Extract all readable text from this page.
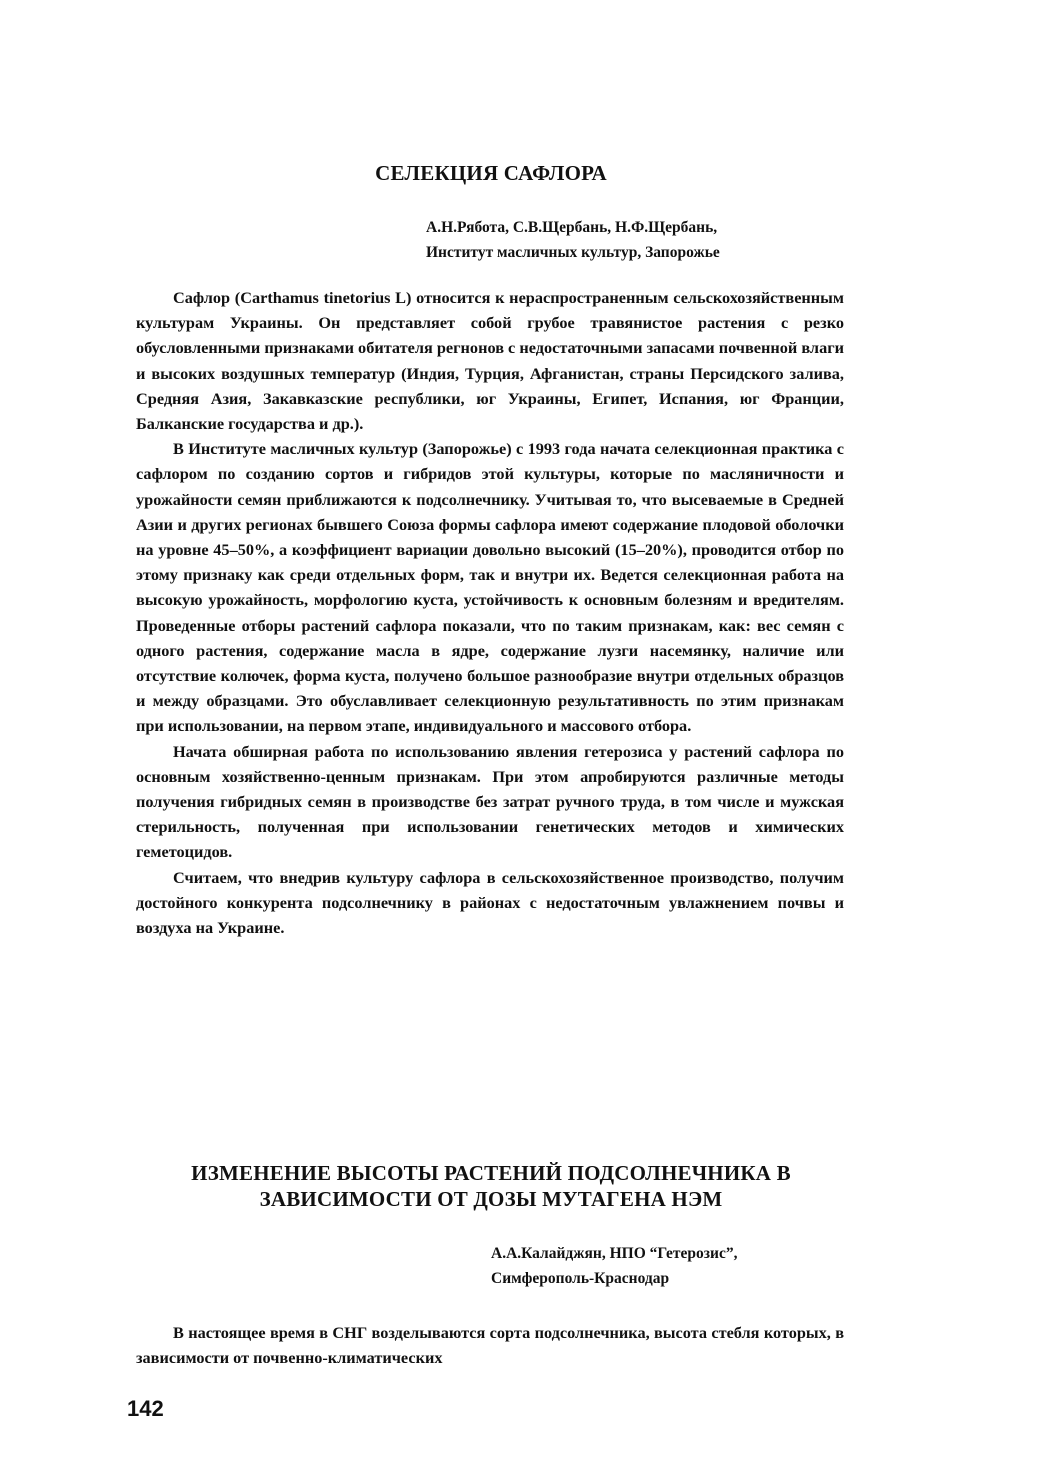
СЕЛЕКЦИЯ САФЛОРА
А.Н.Рябота, С.В.Щербань, Н.Ф.Щербань,
Институт масличных культур, Запорожье

Сафлор (Carthamus tinetorius L) относится к нераспространенным сельскохозяйственным культурам Украины. Он представляет собой грубое травянистое растения с резко обусловленными признаками обитателя регнонов с недостаточными запасами почвенной влаги и высоких воздушных температур (Индия, Турция, Афганистан, страны Персидского залива, Средняя Азия, Закавказские республики, юг Украины, Египет, Испания, юг Франции, Балканские государства и др.).

В Институте масличных культур (Запорожье) с 1993 года начата селекционная практика с сафлором по созданию сортов и гибридов этой культуры, которые по масляничности и урожайности семян приближаются к подсолнечнику. Учитывая то, что высеваемые в Средней Азии и других регионах бывшего Союза формы сафлора имеют содержание плодовой оболочки на уровне 45–50%, а коэффициент вариации довольно высокий (15–20%), проводится отбор по этому признаку как среди отдельных форм, так и внутри их. Ведется селекционная работа на высокую урожайность, морфологию куста, устойчивость к основным болезням и вредителям. Проведенные отборы растений сафлора показали, что по таким признакам, как: вес семян с одного растения, содержание масла в ядре, содержание лузги насемянку, наличие или отсутствие колючек, форма куста, получено большое разнообразие внутри отдельных образцов и между образцами. Это обуславливает селекционную результативность по этим признакам при использовании, на первом этапе, индивидуального и массового отбора.

Начата обширная работа по использованию явления гетерозиса у растений сафлора по основным хозяйственно-ценным признакам. При этом апробируются различные методы получения гибридных семян в производстве без затрат ручного труда, в том числе и мужская стерильность, полученная при использовании генетических методов и химических геметоцидов.

Считаем, что внедрив культуру сафлора в сельскохозяйственное производство, получим достойного конкурента подсолнечнику в районах с недостаточным увлажнением почвы и воздуха на Украине.

ИЗМЕНЕНИЕ ВЫСОТЫ РАСТЕНИЙ ПОДСОЛНЕЧНИКА В
ЗАВИСИМОСТИ ОТ ДОЗЫ МУТАГЕНА НЭМ
А.А.Калайджян, НПО “Гетерозис”,
Симферополь-Краснодар

В настоящее время в СНГ возделываются сорта подсолнечника, высота стебля которых, в зависимости от почвенно-климатических

142
